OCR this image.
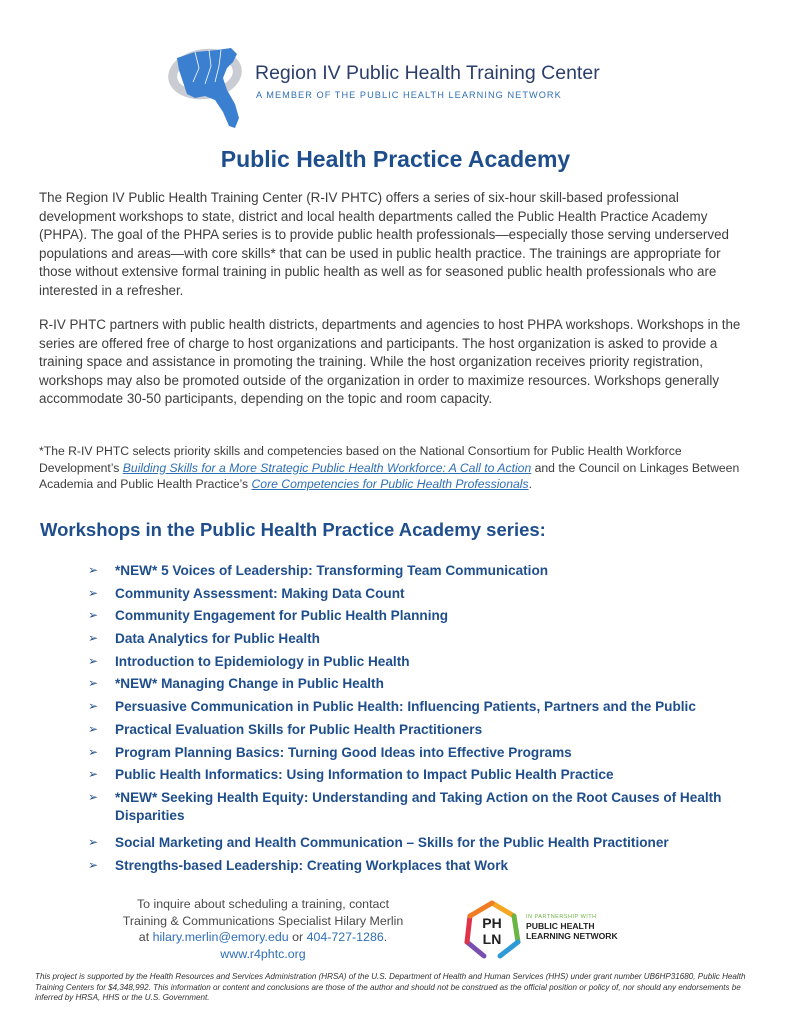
Region IV Public Health Training Center
A MEMBER OF THE PUBLIC HEALTH LEARNING NETWORK
Public Health Practice Academy
The Region IV Public Health Training Center (R-IV PHTC) offers a series of six-hour skill-based professional development workshops to state, district and local health departments called the Public Health Practice Academy (PHPA). The goal of the PHPA series is to provide public health professionals—especially those serving underserved populations and areas—with core skills* that can be used in public health practice. The trainings are appropriate for those without extensive formal training in public health as well as for seasoned public health professionals who are interested in a refresher.
R-IV PHTC partners with public health districts, departments and agencies to host PHPA workshops. Workshops in the series are offered free of charge to host organizations and participants. The host organization is asked to provide a training space and assistance in promoting the training. While the host organization receives priority registration, workshops may also be promoted outside of the organization in order to maximize resources. Workshops generally accommodate 30-50 participants, depending on the topic and room capacity.
*The R-IV PHTC selects priority skills and competencies based on the National Consortium for Public Health Workforce Development’s Building Skills for a More Strategic Public Health Workforce: A Call to Action and the Council on Linkages Between Academia and Public Health Practice’s Core Competencies for Public Health Professionals.
Workshops in the Public Health Practice Academy series:
➢	*NEW* 5 Voices of Leadership: Transforming Team Communication
➢	Community Assessment: Making Data Count
➢	Community Engagement for Public Health Planning
➢	Data Analytics for Public Health
➢	Introduction to Epidemiology in Public Health
➢	*NEW* Managing Change in Public Health
➢	Persuasive Communication in Public Health: Influencing Patients, Partners and the Public
➢	Practical Evaluation Skills for Public Health Practitioners
➢	Program Planning Basics: Turning Good Ideas into Effective Programs
➢	Public Health Informatics: Using Information to Impact Public Health Practice
➢	*NEW* Seeking Health Equity: Understanding and Taking Action on the Root Causes of Health Disparities
➢	Social Marketing and Health Communication – Skills for the Public Health Practitioner
➢	Strengths-based Leadership: Creating Workplaces that Work
To inquire about scheduling a training, contact
Training & Communications Specialist Hilary Merlin
at hilary.merlin@emory.edu or 404-727-1286.
www.r4phtc.org
PH
LN
IN PARTNERSHIP WITH
PUBLIC HEALTH
LEARNING NETWORK
This project is supported by the Health Resources and Services Administration (HRSA) of the U.S. Department of Health and Human Services (HHS) under grant number UB6HP31680, Public Health Training Centers for $4,348,992. This information or content and conclusions are those of the author and should not be construed as the official position or policy of, nor should any endorsements be inferred by HRSA, HHS or the U.S. Government.
